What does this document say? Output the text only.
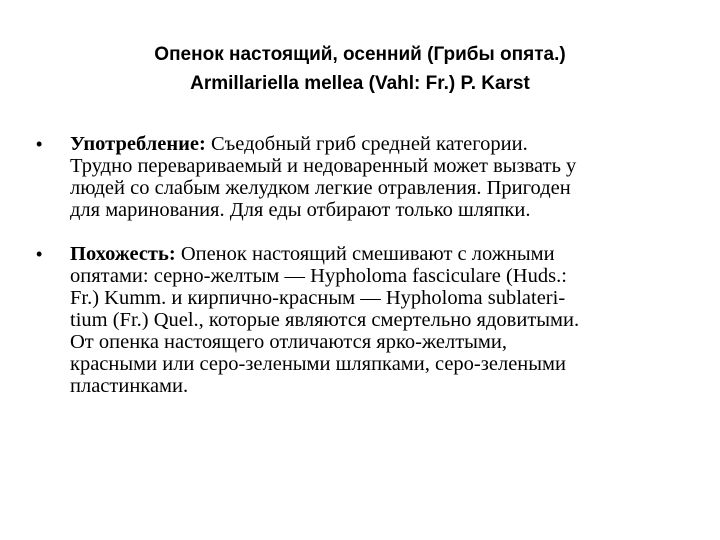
Опенок настоящий, осенний (Грибы опята.)
Armillariella mellea (Vahl: Fr.) P. Karst
•	Употребление: Съедобный гриб средней категории.
Трудно перевариваемый и недоваренный может вызвать у
людей со слабым желудком легкие отравления. Пригоден
для маринования. Для еды отбирают только шляпки.
•	Похожесть: Опенок настоящий смешивают с ложными
опятами: серно-желтым — Hypholoma fasciculare (Huds.:
Fr.) Kumm. и кирпично-красным — Hypholoma sublateri-
tium (Fr.) Quel., которые являются смертельно ядовитыми.
От опенка настоящего отличаются ярко-желтыми,
красными или серо-зелеными шляпками, серо-зелеными
пластинками.
